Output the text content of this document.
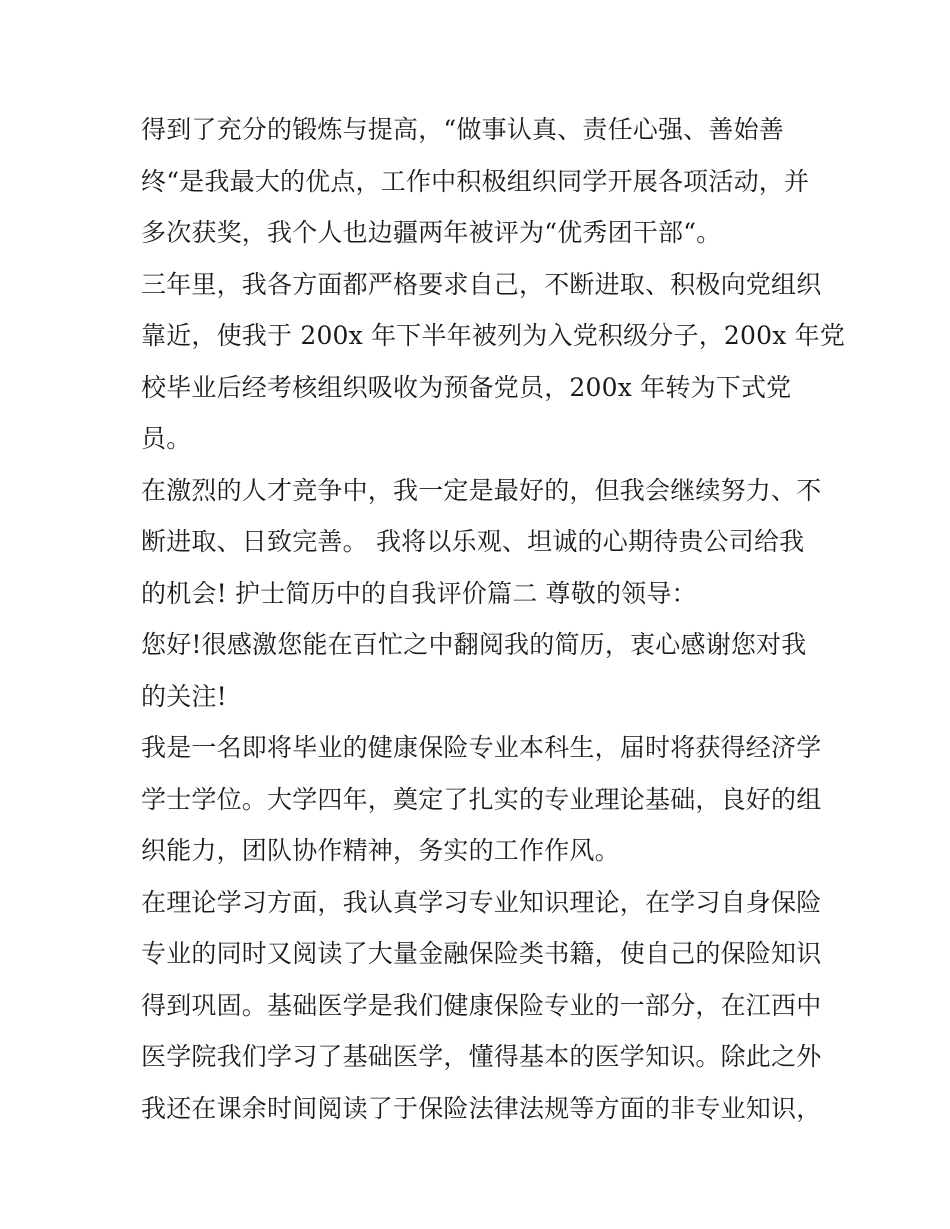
得到了充分的锻炼与提高，“做事认真、责任心强、善始善
终“是我最大的优点，工作中积极组织同学开展各项活动，并
多次获奖，我个人也边疆两年被评为“优秀团干部“。
三年里，我各方面都严格要求自己，不断进取、积极向党组织
靠近，使我于 200x 年下半年被列为入党积级分子，200x 年党
校毕业后经考核组织吸收为预备党员，200x 年转为下式党
员。
在激烈的人才竞争中，我一定是最好的，但我会继续努力、不
断进取、日致完善。 我将以乐观、坦诚的心期待贵公司给我
的机会! 护士简历中的自我评价篇二 尊敬的领导：
您好!很感激您能在百忙之中翻阅我的简历，衷心感谢您对我
的关注!
我是一名即将毕业的健康保险专业本科生，届时将获得经济学
学士学位。大学四年，奠定了扎实的专业理论基础，良好的组
织能力，团队协作精神，务实的工作作风。
在理论学习方面，我认真学习专业知识理论，在学习自身保险
专业的同时又阅读了大量金融保险类书籍，使自己的保险知识
得到巩固。基础医学是我们健康保险专业的一部分，在江西中
医学院我们学习了基础医学，懂得基本的医学知识。除此之外
我还在课余时间阅读了于保险法律法规等方面的非专业知识，
